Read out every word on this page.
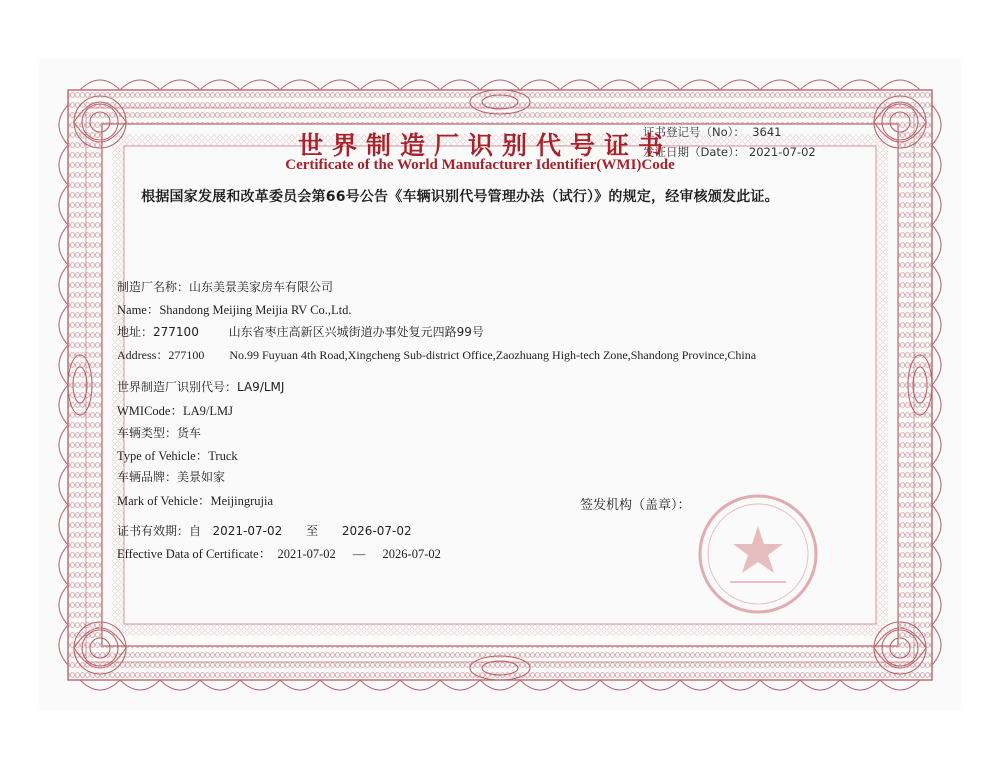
证书登记号（No）： 3641
发证日期（Date）： 2021-07-02
世界制造厂识别代号证书
Certificate of the World Manufacturer Identifier(WMI)Code
根据国家发展和改革委员会第66号公告《车辆识别代号管理办法（试行）》的规定，经审核颁发此证。
制造厂名称：山东美景美家房车有限公司
Name：Shandong Meijing Meijia RV Co.,Ltd.
地址：277100 山东省枣庄高新区兴城街道办事处复元四路99号
Address：277100 No.99 Fuyuan 4th Road,Xingcheng Sub-district Office,Zaozhuang High-tech Zone,Shandong Province,China
世界制造厂识别代号：LA9/LMJ
WMICode：LA9/LMJ
车辆类型：货车
Type of Vehicle：Truck
车辆品牌：美景如家
Mark of Vehicle：Meijingrujia
证书有效期：自 2021-07-02 至 2026-07-02
Effective Data of Certificate： 2021-07-02 — 2026-07-02
签发机构（盖章）：
